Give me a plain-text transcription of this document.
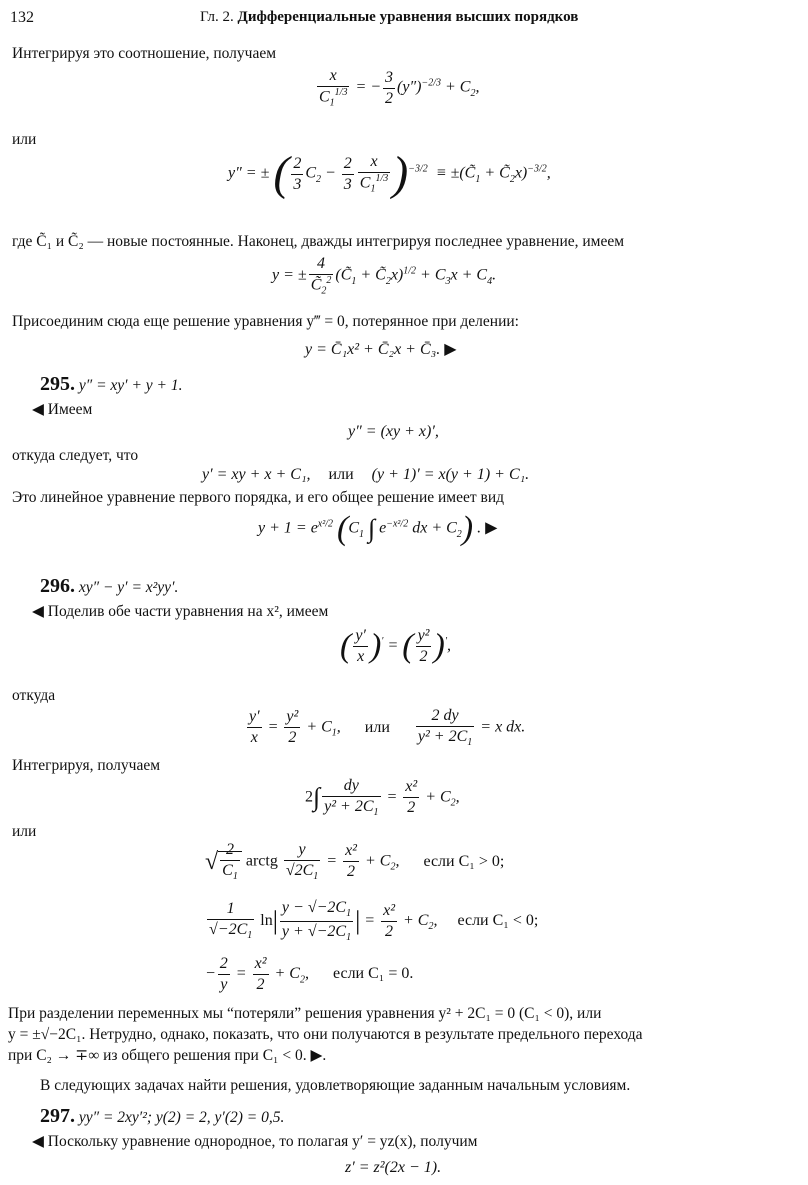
132	Гл. 2. Дифференциальные уравнения высших порядков
Интегрируя это соотношение, получаем
$\frac{x}{C_1^{1/3}}$ = − $\frac{3}{2} (y'')^{-2/3} + C_2$,
или
y″ = ± ( $\frac{2}{3} C_2 - \frac{2}{3} \frac{x}{C_1^{1/3}} )^{-3/2}$  ≡ $\pm(C̃_1$ + $C̃_2x)^{-3/2}$,
где C̃₁ и C̃₂ — новые постоянные. Наконец, дважды интегрируя последнее уравнение, имеем
y = ± $\frac{4}{C̃_2^2}$ ($C̃_1$ + $C̃_2x)^{1/2} + C_3x + C_4$.
Присоединим сюда еще решение уравнения y‴ = 0, потерянное при делении:
y = C̄₁x² + C̄₂x + C̄₃. ▶
295. y″ = xy′ + y + 1.
◀ Имеем
y″ = (xy + x)′,
откуда следует, что
y′ = xy + x + C₁, или (y + 1)′ = x(y + 1) + C₁.
Это линейное уравнение первого порядка, и его общее решение имеет вид
$y + 1 = e^{x^2/2}$ ($C_1$ ∫ $e^{-x^2/2}$ dx + $C_2$) . ▶
296. xy″ − y′ = x²yy′.
◀ Поделив обе части уравнения на x², имеем
( $\frac{y'}{x} )'$ = ( $\frac{\text{y²}}{2} )'$,
откуда
$\frac{y'}{x} = \frac{\text{y²}}{2} + C_1$, или $\frac{2 dy}{y^2 + 2C_1} = x$ dx.
Интегрируя, получаем
$2\int \frac{dy}{y^2 + 2C_1} = \frac{\text{x²}}{2} + C_2$,
или
√ $\frac{2}{C_1}$ arctg $\frac{y}{√2C_1} = \frac{\text{x²}}{2} + C_2$, если C₁ > 0;
$\frac{1}{√-2C_1} \ln| \frac{y - √-2C_1}{y + √-2C_1}$ | = $\frac{\text{x²}}{2} + C_2$, если C₁ < 0;
− $\frac{2}{y} = \frac{\text{x²}}{2} + C_2$, если C₁ = 0.
При разделении переменных мы “потеряли” решения уравнения y² + 2C₁ = 0 (C₁ < 0), или
y = ±√−2C₁. Нетрудно, однако, показать, что они получаются в результате предельного перехода
при C₂ → ∓∞ из общего решения при C₁ < 0. ▶.
В следующих задачах найти решения, удовлетворяющие заданным начальным условиям.
297. yy″ = 2xy′²; y(2) = 2, y′(2) = 0,5.
◀ Поскольку уравнение однородное, то полагая y′ = yz(x), получим
z′ = z²(2x − 1).
